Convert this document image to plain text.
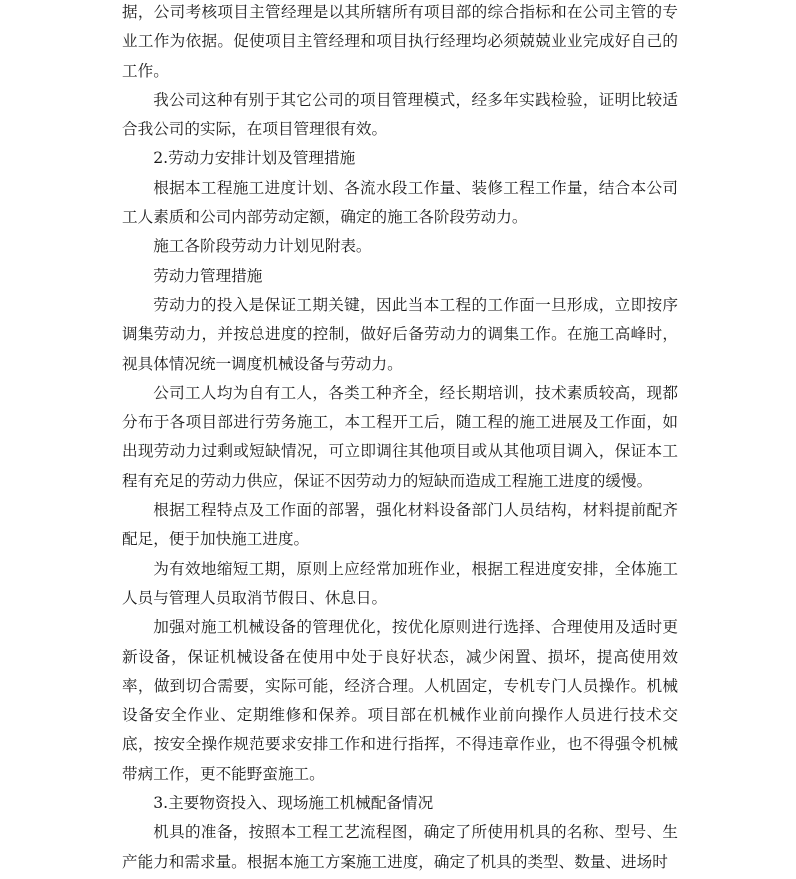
据，公司考核项目主管经理是以其所辖所有项目部的综合指标和在公司主管的专业工作为依据。促使项目主管经理和项目执行经理均必须兢兢业业完成好自己的工作。

我公司这种有别于其它公司的项目管理模式，经多年实践检验，证明比较适合我公司的实际，在项目管理很有效。

2.劳动力安排计划及管理措施

根据本工程施工进度计划、各流水段工作量、装修工程工作量，结合本公司工人素质和公司内部劳动定额，确定的施工各阶段劳动力。

施工各阶段劳动力计划见附表。

劳动力管理措施

劳动力的投入是保证工期关键，因此当本工程的工作面一旦形成，立即按序调集劳动力，并按总进度的控制，做好后备劳动力的调集工作。在施工高峰时，视具体情况统一调度机械设备与劳动力。

公司工人均为自有工人，各类工种齐全，经长期培训，技术素质较高，现都分布于各项目部进行劳务施工，本工程开工后，随工程的施工进展及工作面，如出现劳动力过剩或短缺情况，可立即调往其他项目或从其他项目调入，保证本工程有充足的劳动力供应，保证不因劳动力的短缺而造成工程施工进度的缓慢。

根据工程特点及工作面的部署，强化材料设备部门人员结构，材料提前配齐配足，便于加快施工进度。

为有效地缩短工期，原则上应经常加班作业，根据工程进度安排，全体施工人员与管理人员取消节假日、休息日。

加强对施工机械设备的管理优化，按优化原则进行选择、合理使用及适时更新设备，保证机械设备在使用中处于良好状态，减少闲置、损坏，提高使用效率，做到切合需要，实际可能，经济合理。人机固定，专机专门人员操作。机械设备安全作业、定期维修和保养。项目部在机械作业前向操作人员进行技术交底，按安全操作规范要求安排工作和进行指挥，不得违章作业，也不得强令机械带病工作，更不能野蛮施工。

3.主要物资投入、现场施工机械配备情况

机具的准备，按照本工程工艺流程图，确定了所使用机具的名称、型号、生产能力和需求量。根据本施工方案施工进度，确定了机具的类型、数量、进场时
